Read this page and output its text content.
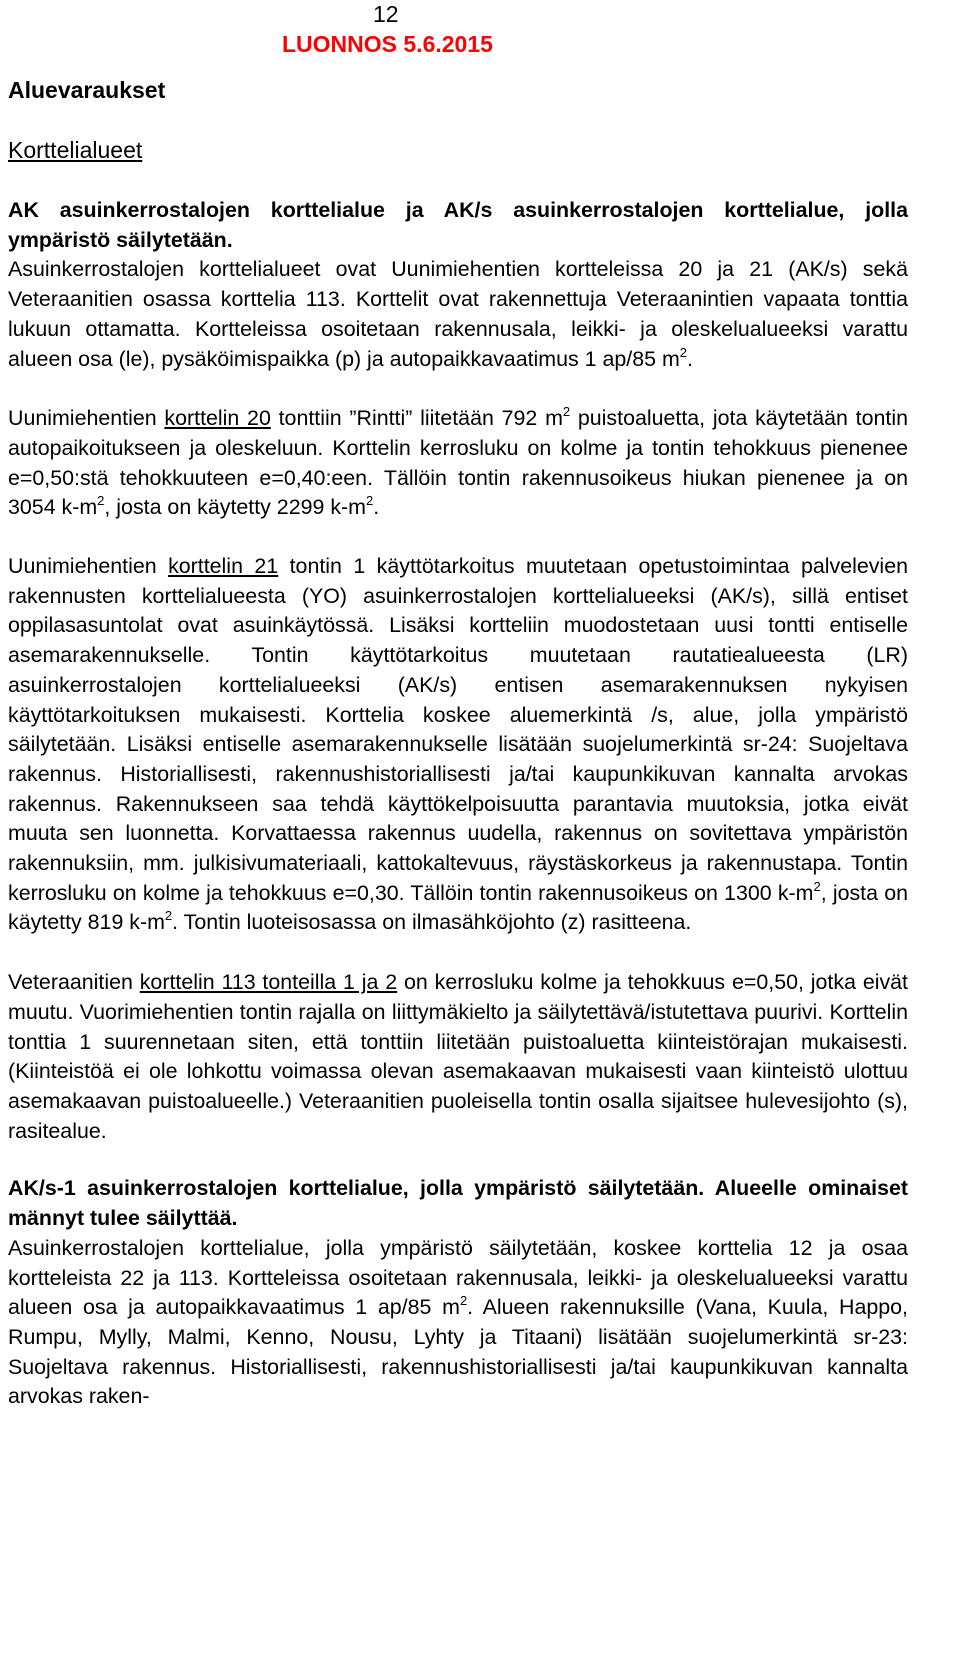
12
LUONNOS 5.6.2015
Aluevaraukset
Korttelialueet

AK asuinkerrostalojen korttelialue ja AK/s asuinkerrostalojen korttelialue, jolla ympäristö säilytetään.

Asuinkerrostalojen korttelialueet ovat Uunimiehentien kortteleissa 20 ja 21 (AK/s) sekä Veteraanitien osassa korttelia 113. Korttelit ovat rakennettuja Veteraanintien vapaata tonttia lukuun ottamatta. Kortteleissa osoitetaan rakennusala, leikki- ja oleskelualueeksi varattu alueen osa (le), pysäköimispaikka (p) ja autopaikkavaatimus 1 ap/85 $m^2$.

Uunimiehentien korttelin 20 tonttiin ”Rintti” liitetään 792 $m^2$ puistoaluetta, jota käytetään tontin autopaikoitukseen ja oleskeluun. Korttelin kerrosluku on kolme ja tontin tehokkuus pienenee e=0,50:stä tehokkuuteen e=0,40:een. Tällöin tontin rakennusoikeus hiukan pienenee ja on 3054 $k-m^2$, josta on käytetty 2299 $k-m^2$.

Uunimiehentien korttelin 21 tontin 1 käyttötarkoitus muutetaan opetustoimintaa palvelevien rakennusten korttelialueesta (YO) asuinkerrostalojen korttelialueeksi (AK/s), sillä entiset oppilasasuntolat ovat asuinkäytössä. Lisäksi kortteliin muodostetaan uusi tontti entiselle asemarakennukselle. Tontin käyttötarkoitus muutetaan rautatiealueesta (LR) asuinkerrostalojen korttelialueeksi (AK/s) entisen asemarakennuksen nykyisen käyttötarkoituksen mukaisesti. Korttelia koskee aluemerkintä /s, alue, jolla ympäristö säilytetään. Lisäksi entiselle asemarakennukselle lisätään suojelumerkintä sr-24: Suojeltava rakennus. Historiallisesti, rakennushistoriallisesti ja/tai kaupunkikuvan kannalta arvokas rakennus. Rakennukseen saa tehdä käyttökelpoisuutta parantavia muutoksia, jotka eivät muuta sen luonnetta. Korvattaessa rakennus uudella, rakennus on sovitettava ympäristön rakennuksiin, mm. julkisivumateriaali, kattokaltevuus, räystäskorkeus ja rakennustapa. Tontin kerrosluku on kolme ja tehokkuus e=0,30. Tällöin tontin rakennusoikeus on 1300 $k-m^2$, josta on käytetty 819 $k-m^2$. Tontin luoteisosassa on ilmasähköjohto (z) rasitteena.

Veteraanitien korttelin 113 tonteilla 1 ja 2 on kerrosluku kolme ja tehokkuus e=0,50, jotka eivät muutu. Vuorimiehentien tontin rajalla on liittymäkielto ja säilytettävä/istutettava puurivi. Korttelin tonttia 1 suurennetaan siten, että tonttiin liitetään puistoaluetta kiinteistörajan mukaisesti. (Kiinteistöä ei ole lohkottu voimassa olevan asemakaavan mukaisesti vaan kiinteistö ulottuu asemakaavan puistoalueelle.) Veteraanitien puoleisella tontin osalla sijaitsee hulevesijohto (s), rasitealue.

AK/s-1 asuinkerrostalojen korttelialue, jolla ympäristö säilytetään. Alueelle ominaiset männyt tulee säilyttää.

Asuinkerrostalojen korttelialue, jolla ympäristö säilytetään, koskee korttelia 12 ja osaa kortteleista 22 ja 113. Kortteleissa osoitetaan rakennusala, leikki- ja oleskelualueeksi varattu alueen osa ja autopaikkavaatimus 1 ap/85 $m^2$. Alueen rakennuksille (Vana, Kuula, Happo, Rumpu, Mylly, Malmi, Kenno, Nousu, Lyhty ja Titaani) lisätään suojelumerkintä sr-23: Suojeltava rakennus. Historiallisesti, rakennushistoriallisesti ja/tai kaupunkikuvan kannalta arvokas raken-
